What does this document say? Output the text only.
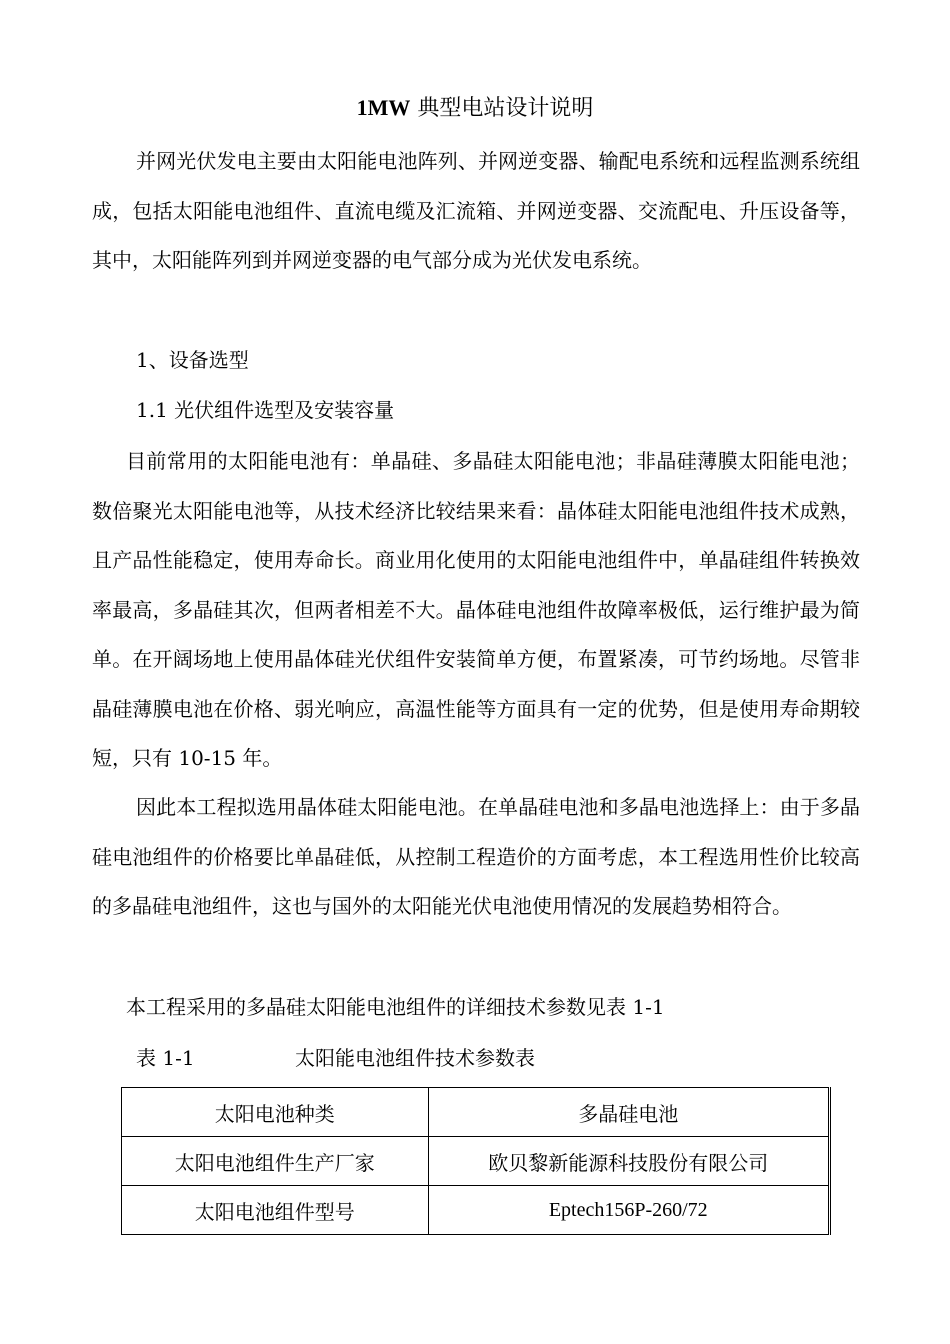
1MW 典型电站设计说明

并网光伏发电主要由太阳能电池阵列、并网逆变器、输配电系统和远程监测系统组成，包括太阳能电池组件、直流电缆及汇流箱、并网逆变器、交流配电、升压设备等，其中，太阳能阵列到并网逆变器的电气部分成为光伏发电系统。

1、设备选型
1.1 光伏组件选型及安装容量

目前常用的太阳能电池有：单晶硅、多晶硅太阳能电池；非晶硅薄膜太阳能电池；数倍聚光太阳能电池等，从技术经济比较结果来看：晶体硅太阳能电池组件技术成熟，且产品性能稳定，使用寿命长。商业用化使用的太阳能电池组件中，单晶硅组件转换效率最高，多晶硅其次，但两者相差不大。晶体硅电池组件故障率极低，运行维护最为简单。在开阔场地上使用晶体硅光伏组件安装简单方便，布置紧凑，可节约场地。尽管非晶硅薄膜电池在价格、弱光响应，高温性能等方面具有一定的优势，但是使用寿命期较短，只有 10-15 年。

因此本工程拟选用晶体硅太阳能电池。在单晶硅电池和多晶电池选择上：由于多晶硅电池组件的价格要比单晶硅低，从控制工程造价的方面考虑，本工程选用性价比较高的多晶硅电池组件，这也与国外的太阳能光伏电池使用情况的发展趋势相符合。

本工程采用的多晶硅太阳能电池组件的详细技术参数见表 1-1

表 1-1	太阳能电池组件技术参数表
太阳电池种类	多晶硅电池
太阳电池组件生产厂家	欧贝黎新能源科技股份有限公司
太阳电池组件型号	Eptech156P-260/72
